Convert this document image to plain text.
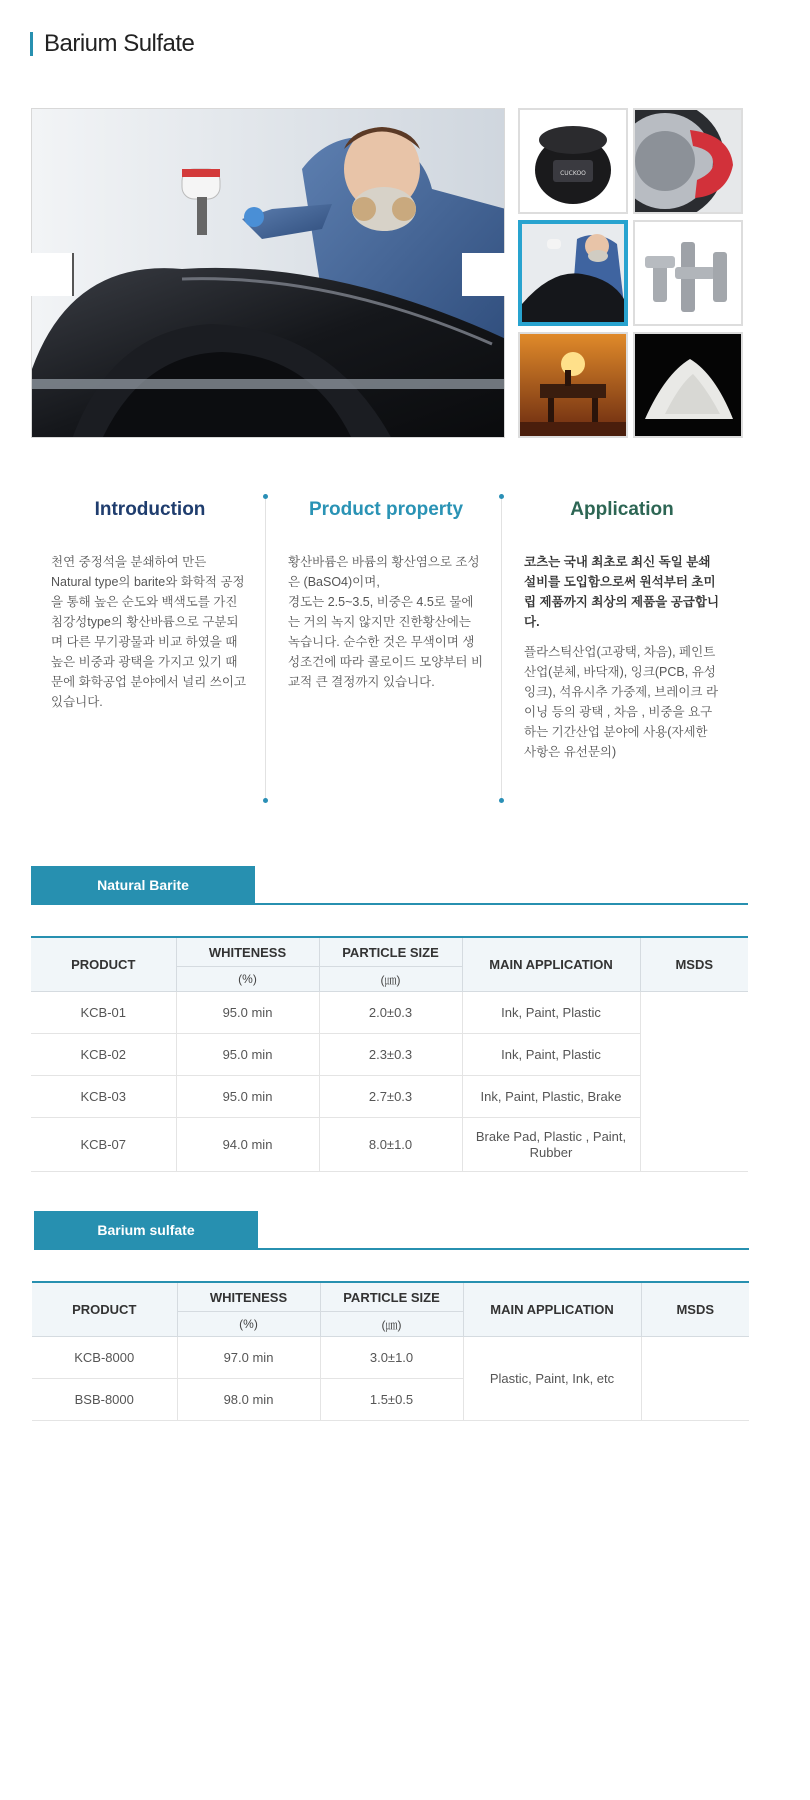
Barium Sulfate
CUCKOO
Introduction	Product property	Application

천연 중정석을 분쇄하여 만든 Natural type의 barite와 화학적 공정을 통해 높은 순도와 백색도를 가진 침강성type의 황산바륨으로 구분되며 다른 무기광물과 비교 하였을 때 높은 비중과 광택을 가지고 있기 때문에 화학공업 분야에서 널리 쓰이고 있습니다.

황산바륨은 바륨의 황산염으로 조성은 (BaSO4)이며,

경도는 2.5~3.5, 비중은 4.5로 물에는 거의 녹지 않지만 진한황산에는 녹습니다. 순수한 것은 무색이며 생성조건에 따라 콜로이드 모양부터 비교적 큰 결정까지 있습니다.

코츠는 국내 최초로 최신 독일 분쇄설비를 도입함으로써 원석부터 초미립 제품까지 최상의 제품을 공급합니다.

플라스틱산업(고광택, 차음), 페인트산업(분체, 바닥재), 잉크(PCB, 유성잉크), 석유시추 가중제, 브레이크 라이닝 등의 광택 , 차음 , 비중을 요구하는 기간산업 분야에 사용(자세한 사항은 유선문의)

Natural Barite
PRODUCT	WHITENESS	PARTICLE SIZE	MAIN APPLICATION	MSDS
	(%)	(㎛)		
KCB-01	95.0 min	2.0±0.3	Ink, Paint, Plastic	
KCB-02	95.0 min	2.3±0.3	Ink, Paint, Plastic	
KCB-03	95.0 min	2.7±0.3	Ink, Paint, Plastic, Brake	
KCB-07	94.0 min	8.0±1.0	Brake Pad, Plastic , Paint, Rubber	
Barium sulfate
PRODUCT	WHITENESS	PARTICLE SIZE	MAIN APPLICATION	MSDS
	(%)	(㎛)		
KCB-8000	97.0 min	3.0±1.0	Plastic, Paint, Ink, etc	
BSB-8000	98.0 min	1.5±0.5		
